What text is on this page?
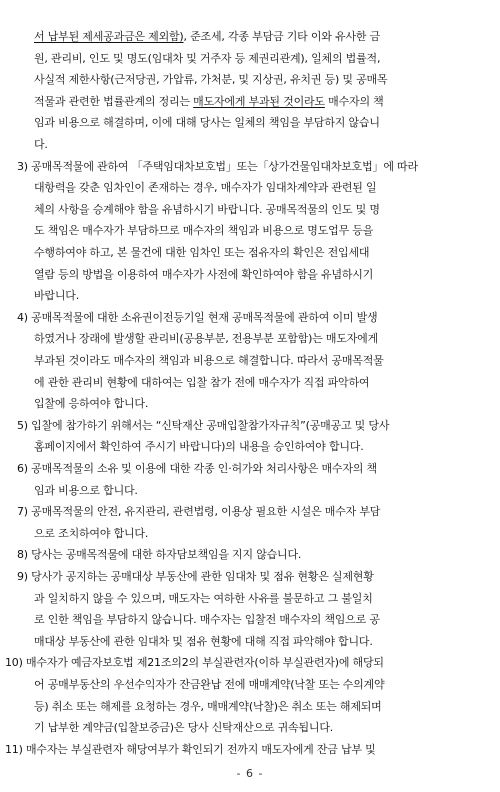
서 납부된 제세공과금은 제외함), 준조세, 각종 부담금 기타 이와 유사한 금
원, 관리비, 인도 및 명도(임대차 및 거주자 등 제권리관계), 일체의 법률적,
사실적 제한사항(근저당권, 가압류, 가처분, 및 지상권, 유치권 등) 및 공매목
적물과 관련한 법률관계의 정리는 매도자에게 부과된 것이라도 매수자의 책
임과 비용으로 해결하며, 이에 대해 당사는 일체의 책임을 부담하지 않습니
다.
3) 공매목적물에 관하여 「주택임대차보호법」또는「상가건물임대차보호법」에 따라
대항력을 갖춘 임차인이 존재하는 경우, 매수자가 임대차계약과 관련된 일
체의 사항을 승계해야 함을 유념하시기 바랍니다. 공매목적물의 인도 및 명
도 책임은 매수자가 부담하므로 매수자의 책임과 비용으로 명도업무 등을
수행하여야 하고, 본 물건에 대한 임차인 또는 점유자의 확인은 전입세대
열람 등의 방법을 이용하여 매수자가 사전에 확인하여야 함을 유념하시기
바랍니다.
4) 공매목적물에 대한 소유권이전등기일 현재 공매목적물에 관하여 이미 발생
하였거나 장래에 발생할 관리비(공용부분, 전용부분 포함함)는 매도자에게
부과된 것이라도 매수자의 책임과 비용으로 해결합니다. 따라서 공매목적물
에 관한 관리비 현황에 대하여는 입찰 참가 전에 매수자가 직접 파악하여
입찰에 응하여야 합니다.
5) 입찰에 참가하기 위해서는 “신탁재산 공매입찰참가자규칙”(공매공고 및 당사
홈페이지에서 확인하여 주시기 바랍니다)의 내용을 승인하여야 합니다.
6) 공매목적물의 소유 및 이용에 대한 각종 인·허가와 처리사항은 매수자의 책
임과 비용으로 합니다.
7) 공매목적물의 안전, 유지관리, 관련법령, 이용상 필요한 시설은 매수자 부담
으로 조치하여야 합니다.
8) 당사는 공매목적물에 대한 하자담보책임을 지지 않습니다.
9) 당사가 공지하는 공매대상 부동산에 관한 임대차 및 점유 현황은 실제현황
과 일치하지 않을 수 있으며, 매도자는 여하한 사유를 불문하고 그 불일치
로 인한 책임을 부담하지 않습니다. 매수자는 입찰전 매수자의 책임으로 공
매대상 부동산에 관한 임대차 및 점유 현황에 대해 직접 파악해야 합니다.
10) 매수자가 예금자보호법 제21조의2의 부실관련자(이하 부실관련자)에 해당되
어 공매부동산의 우선수익자가 잔금완납 전에 매매계약(낙찰 또는 수의계약
등) 취소 또는 해제를 요청하는 경우, 매매계약(낙찰)은 취소 또는 해제되며
기 납부한 계약금(입찰보증금)은 당사 신탁재산으로 귀속됩니다.
11) 매수자는 부실관련자 해당여부가 확인되기 전까지 매도자에게 잔금 납부 및
- 6 -
